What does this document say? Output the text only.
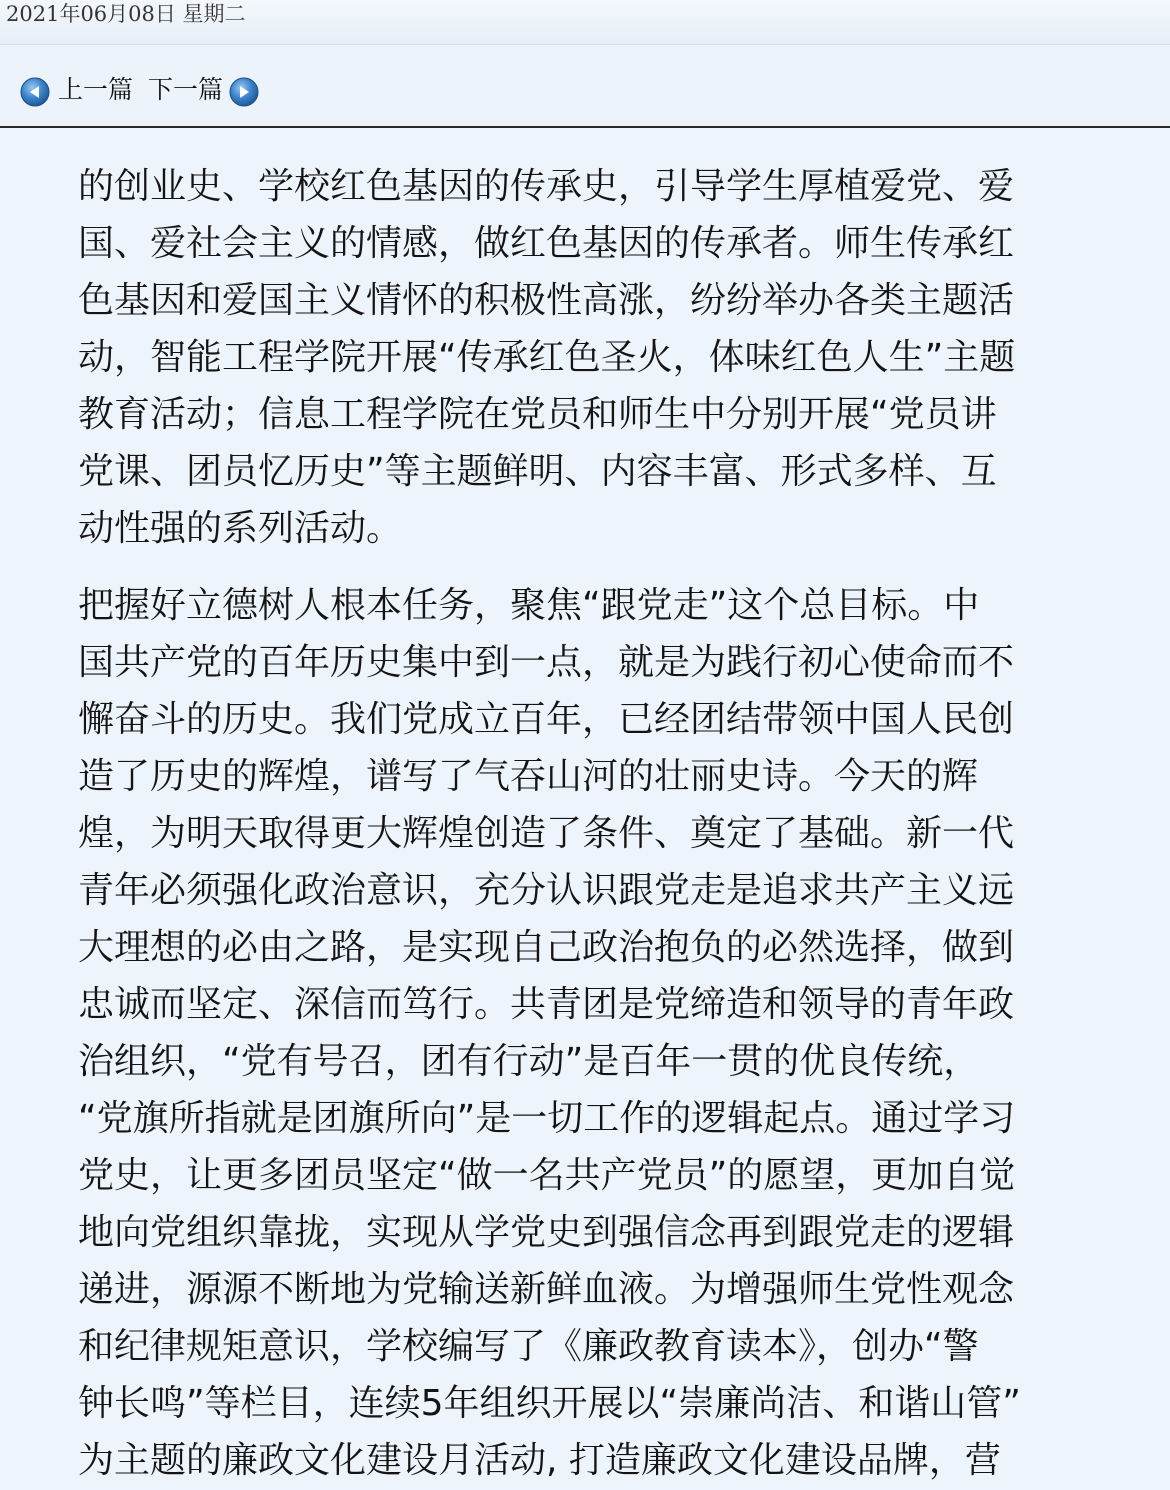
2021年06月08日 星期二
上一篇 下一篇

的创业史、学校红色基因的传承史，引导学生厚植爱党、爱
国、爱社会主义的情感，做红色基因的传承者。师生传承红
色基因和爱国主义情怀的积极性高涨，纷纷举办各类主题活
动，智能工程学院开展“传承红色圣火，体味红色人生”主题
教育活动；信息工程学院在党员和师生中分别开展“党员讲
党课、团员忆历史”等主题鲜明、内容丰富、形式多样、互
动性强的系列活动。

把握好立德树人根本任务，聚焦“跟党走”这个总目标。中
国共产党的百年历史集中到一点，就是为践行初心使命而不
懈奋斗的历史。我们党成立百年，已经团结带领中国人民创
造了历史的辉煌，谱写了气吞山河的壮丽史诗。今天的辉
煌，为明天取得更大辉煌创造了条件、奠定了基础。新一代
青年必须强化政治意识，充分认识跟党走是追求共产主义远
大理想的必由之路，是实现自己政治抱负的必然选择，做到
忠诚而坚定、深信而笃行。共青团是党缔造和领导的青年政
治组织，“党有号召，团有行动”是百年一贯的优良传统，
“党旗所指就是团旗所向”是一切工作的逻辑起点。通过学习
党史，让更多团员坚定“做一名共产党员”的愿望，更加自觉
地向党组织靠拢，实现从学党史到强信念再到跟党走的逻辑
递进，源源不断地为党输送新鲜血液。为增强师生党性观念
和纪律规矩意识，学校编写了《廉政教育读本》，创办“警
钟长鸣”等栏目，连续5年组织开展以“崇廉尚洁、和谐山管”
为主题的廉政文化建设月活动, 打造廉政文化建设品牌，营
